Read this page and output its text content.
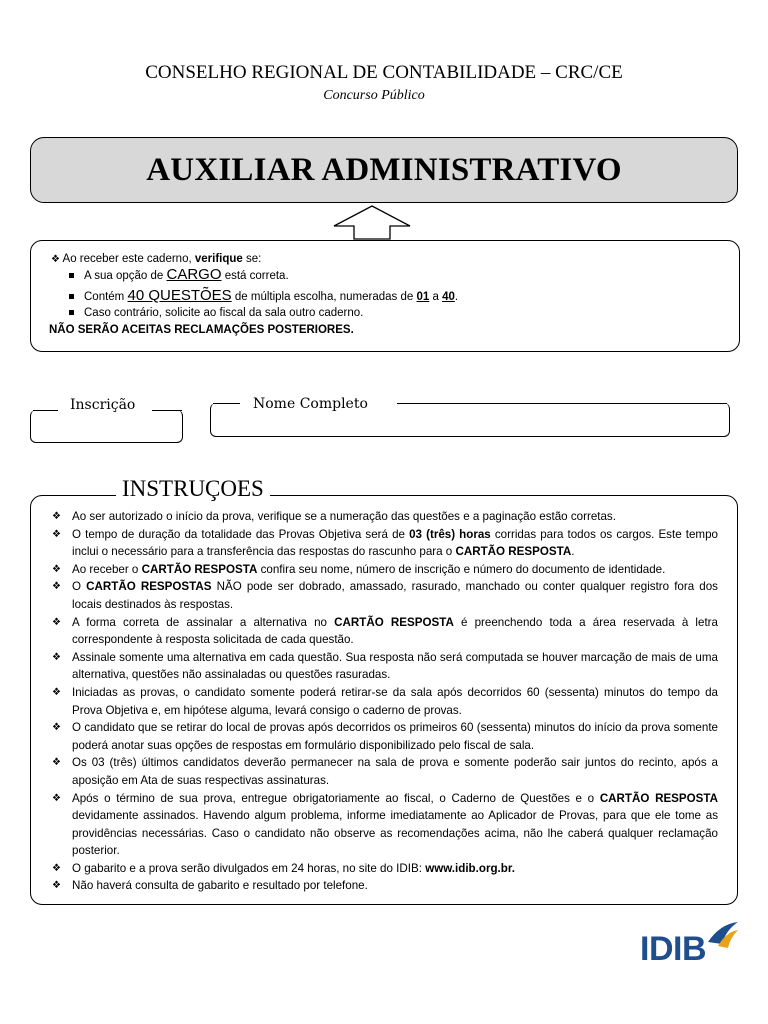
CONSELHO REGIONAL DE CONTABILIDADE – CRC/CE
Concurso Público
AUXILIAR ADMINISTRATIVO
❖ Ao receber este caderno, verifique se:
A sua opção de CARGO está correta.
Contém 40 QUESTÕES de múltipla escolha, numeradas de 01 a 40.
Caso contrário, solicite ao fiscal da sala outro caderno.
NÃO SERÃO ACEITAS RECLAMAÇÕES POSTERIORES.
Inscrição	Nome Completo
INSTRUÇOES
❖ Ao ser autorizado o início da prova, verifique se a numeração das questões e a paginação estão corretas.
❖ O tempo de duração da totalidade das Provas Objetiva será de 03 (três) horas corridas para todos os cargos. Este tempo inclui o necessário para a transferência das respostas do rascunho para o CARTÃO RESPOSTA.
❖ Ao receber o CARTÃO RESPOSTA confira seu nome, número de inscrição e número do documento de identidade.
❖ O CARTÃO RESPOSTAS NÃO pode ser dobrado, amassado, rasurado, manchado ou conter qualquer registro fora dos locais destinados às respostas.
❖ A forma correta de assinalar a alternativa no CARTÃO RESPOSTA é preenchendo toda a área reservada à letra correspondente à resposta solicitada de cada questão.
❖ Assinale somente uma alternativa em cada questão. Sua resposta não será computada se houver marcação de mais de uma alternativa, questões não assinaladas ou questões rasuradas.
❖ Iniciadas as provas, o candidato somente poderá retirar-se da sala após decorridos 60 (sessenta) minutos do tempo da Prova Objetiva e, em hipótese alguma, levará consigo o caderno de provas.
❖ O candidato que se retirar do local de provas após decorridos os primeiros 60 (sessenta) minutos do início da prova somente poderá anotar suas opções de respostas em formulário disponibilizado pelo fiscal de sala.
❖ Os 03 (três) últimos candidatos deverão permanecer na sala de prova e somente poderão sair juntos do recinto, após a aposição em Ata de suas respectivas assinaturas.
❖ Após o término de sua prova, entregue obrigatoriamente ao fiscal, o Caderno de Questões e o CARTÃO RESPOSTA devidamente assinados. Havendo algum problema, informe imediatamente ao Aplicador de Provas, para que ele tome as providências necessárias. Caso o candidato não observe as recomendações acima, não lhe caberá qualquer reclamação posterior.
❖ O gabarito e a prova serão divulgados em 24 horas, no site do IDIB: www.idib.org.br.
❖ Não haverá consulta de gabarito e resultado por telefone.
IDIB
